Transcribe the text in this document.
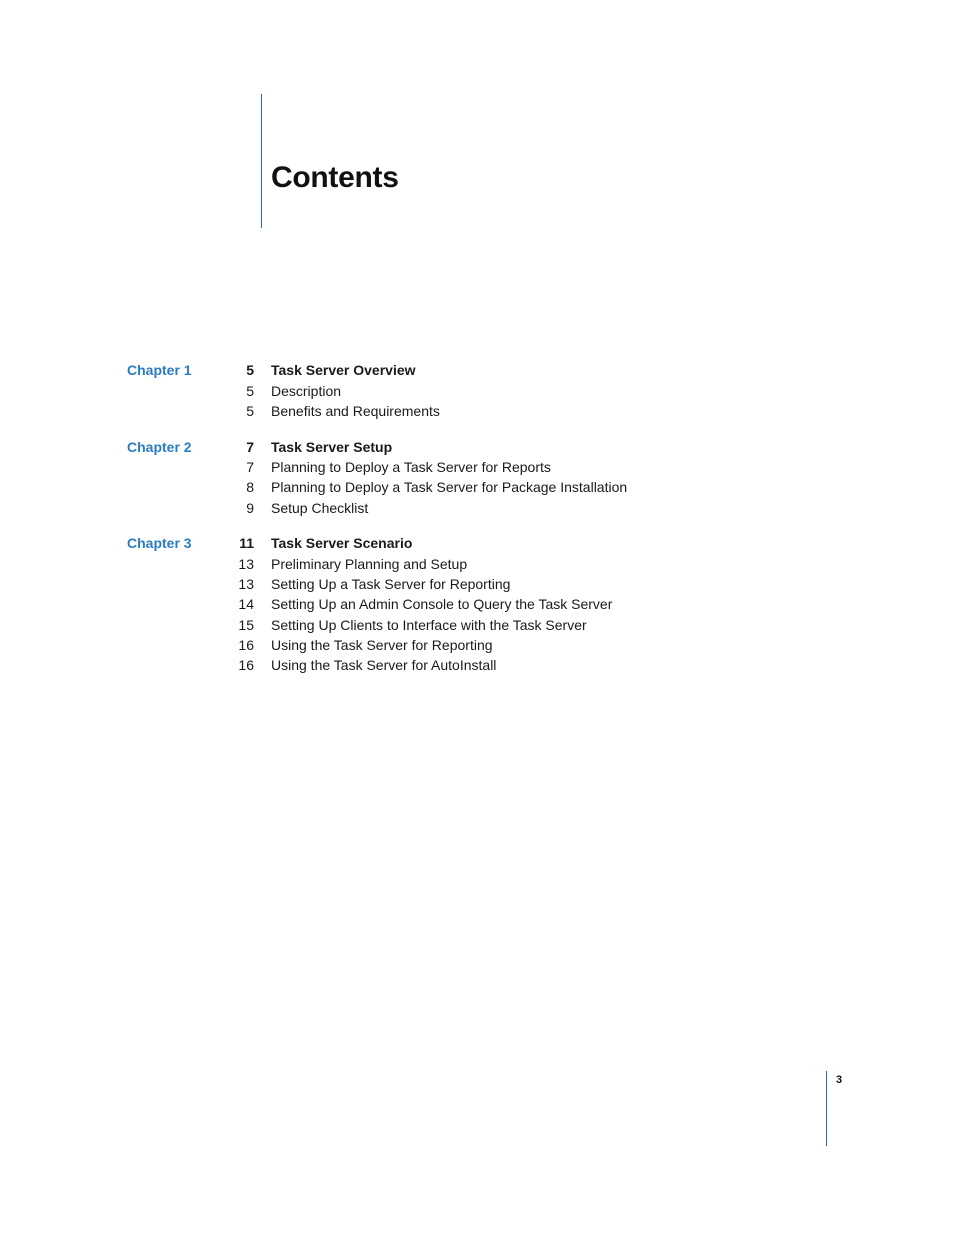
Contents
Chapter 1	5 Task Server Overview
5 Description
5 Benefits and Requirements
Chapter 2	7 Task Server Setup
7 Planning to Deploy a Task Server for Reports
8 Planning to Deploy a Task Server for Package Installation
9 Setup Checklist
Chapter 3	11 Task Server Scenario
13 Preliminary Planning and Setup
13 Setting Up a Task Server for Reporting
14 Setting Up an Admin Console to Query the Task Server
15 Setting Up Clients to Interface with the Task Server
16 Using the Task Server for Reporting
16 Using the Task Server for AutoInstall
3
